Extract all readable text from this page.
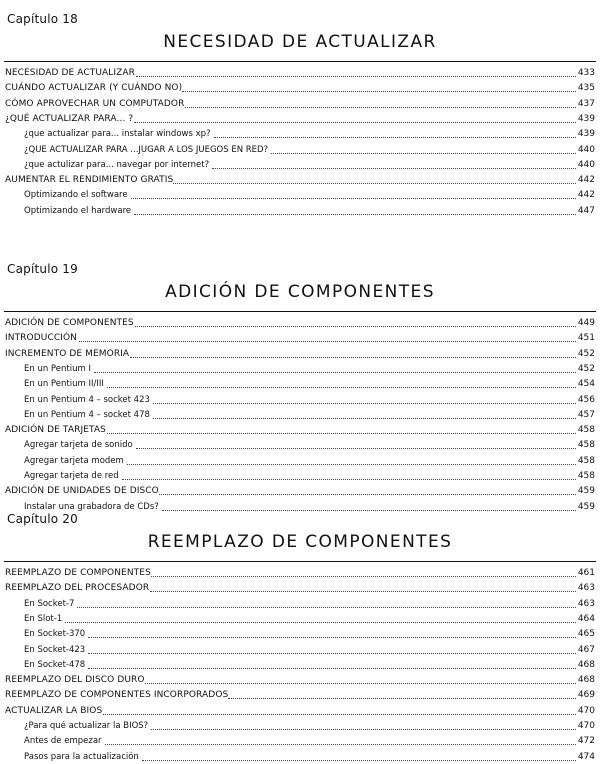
Capítulo 18
NECESIDAD DE ACTUALIZAR
NECESIDAD DE ACTUALIZAR	433
CUÁNDO ACTUALIZAR (Y CUÁNDO NO)	435
CÓMO APROVECHAR UN COMPUTADOR	437
¿QUÉ ACTUALIZAR PARA... ?	439
¿que actualizar para... instalar windows xp?	439
¿QUE ACTUALIZAR PARA ...JUGAR A LOS JUEGOS EN RED?	440
¿que actulizar para... navegar por internet?	440
AUMENTAR EL RENDIMIENTO GRATIS	442
Optimizando el software	442
Optimizando el hardware	447
Capítulo 19
ADICIÓN DE COMPONENTES
ADICIÓN DE COMPONENTES	449
INTRODUCCIÓN	451
INCREMENTO DE MEMORIA	452
En un Pentium I	452
En un Pentium II/III	454
En un Pentium 4 – socket 423	456
En un Pentium 4 – socket 478	457
ADICIÓN DE TARJETAS	458
Agregar tarjeta de sonido	458
Agregar tarjeta modem	458
Agregar tarjeta de red	458
ADICIÓN DE UNIDADES DE DISCO	459
Instalar una grabadora de CDs?	459
Capítulo 20
REEMPLAZO DE COMPONENTES
REEMPLAZO DE COMPONENTES	461
REEMPLAZO DEL PROCESADOR	463
En Socket-7	463
En Slot-1	464
En Socket-370	465
En Socket-423	467
En Socket-478	468
REEMPLAZO DEL DISCO DURO	468
REEMPLAZO DE COMPONENTES INCORPORADOS	469
ACTUALIZAR LA BIOS	470
¿Para qué actualizar la BIOS?	470
Antes de empezar	472
Pasos para la actualización	474
